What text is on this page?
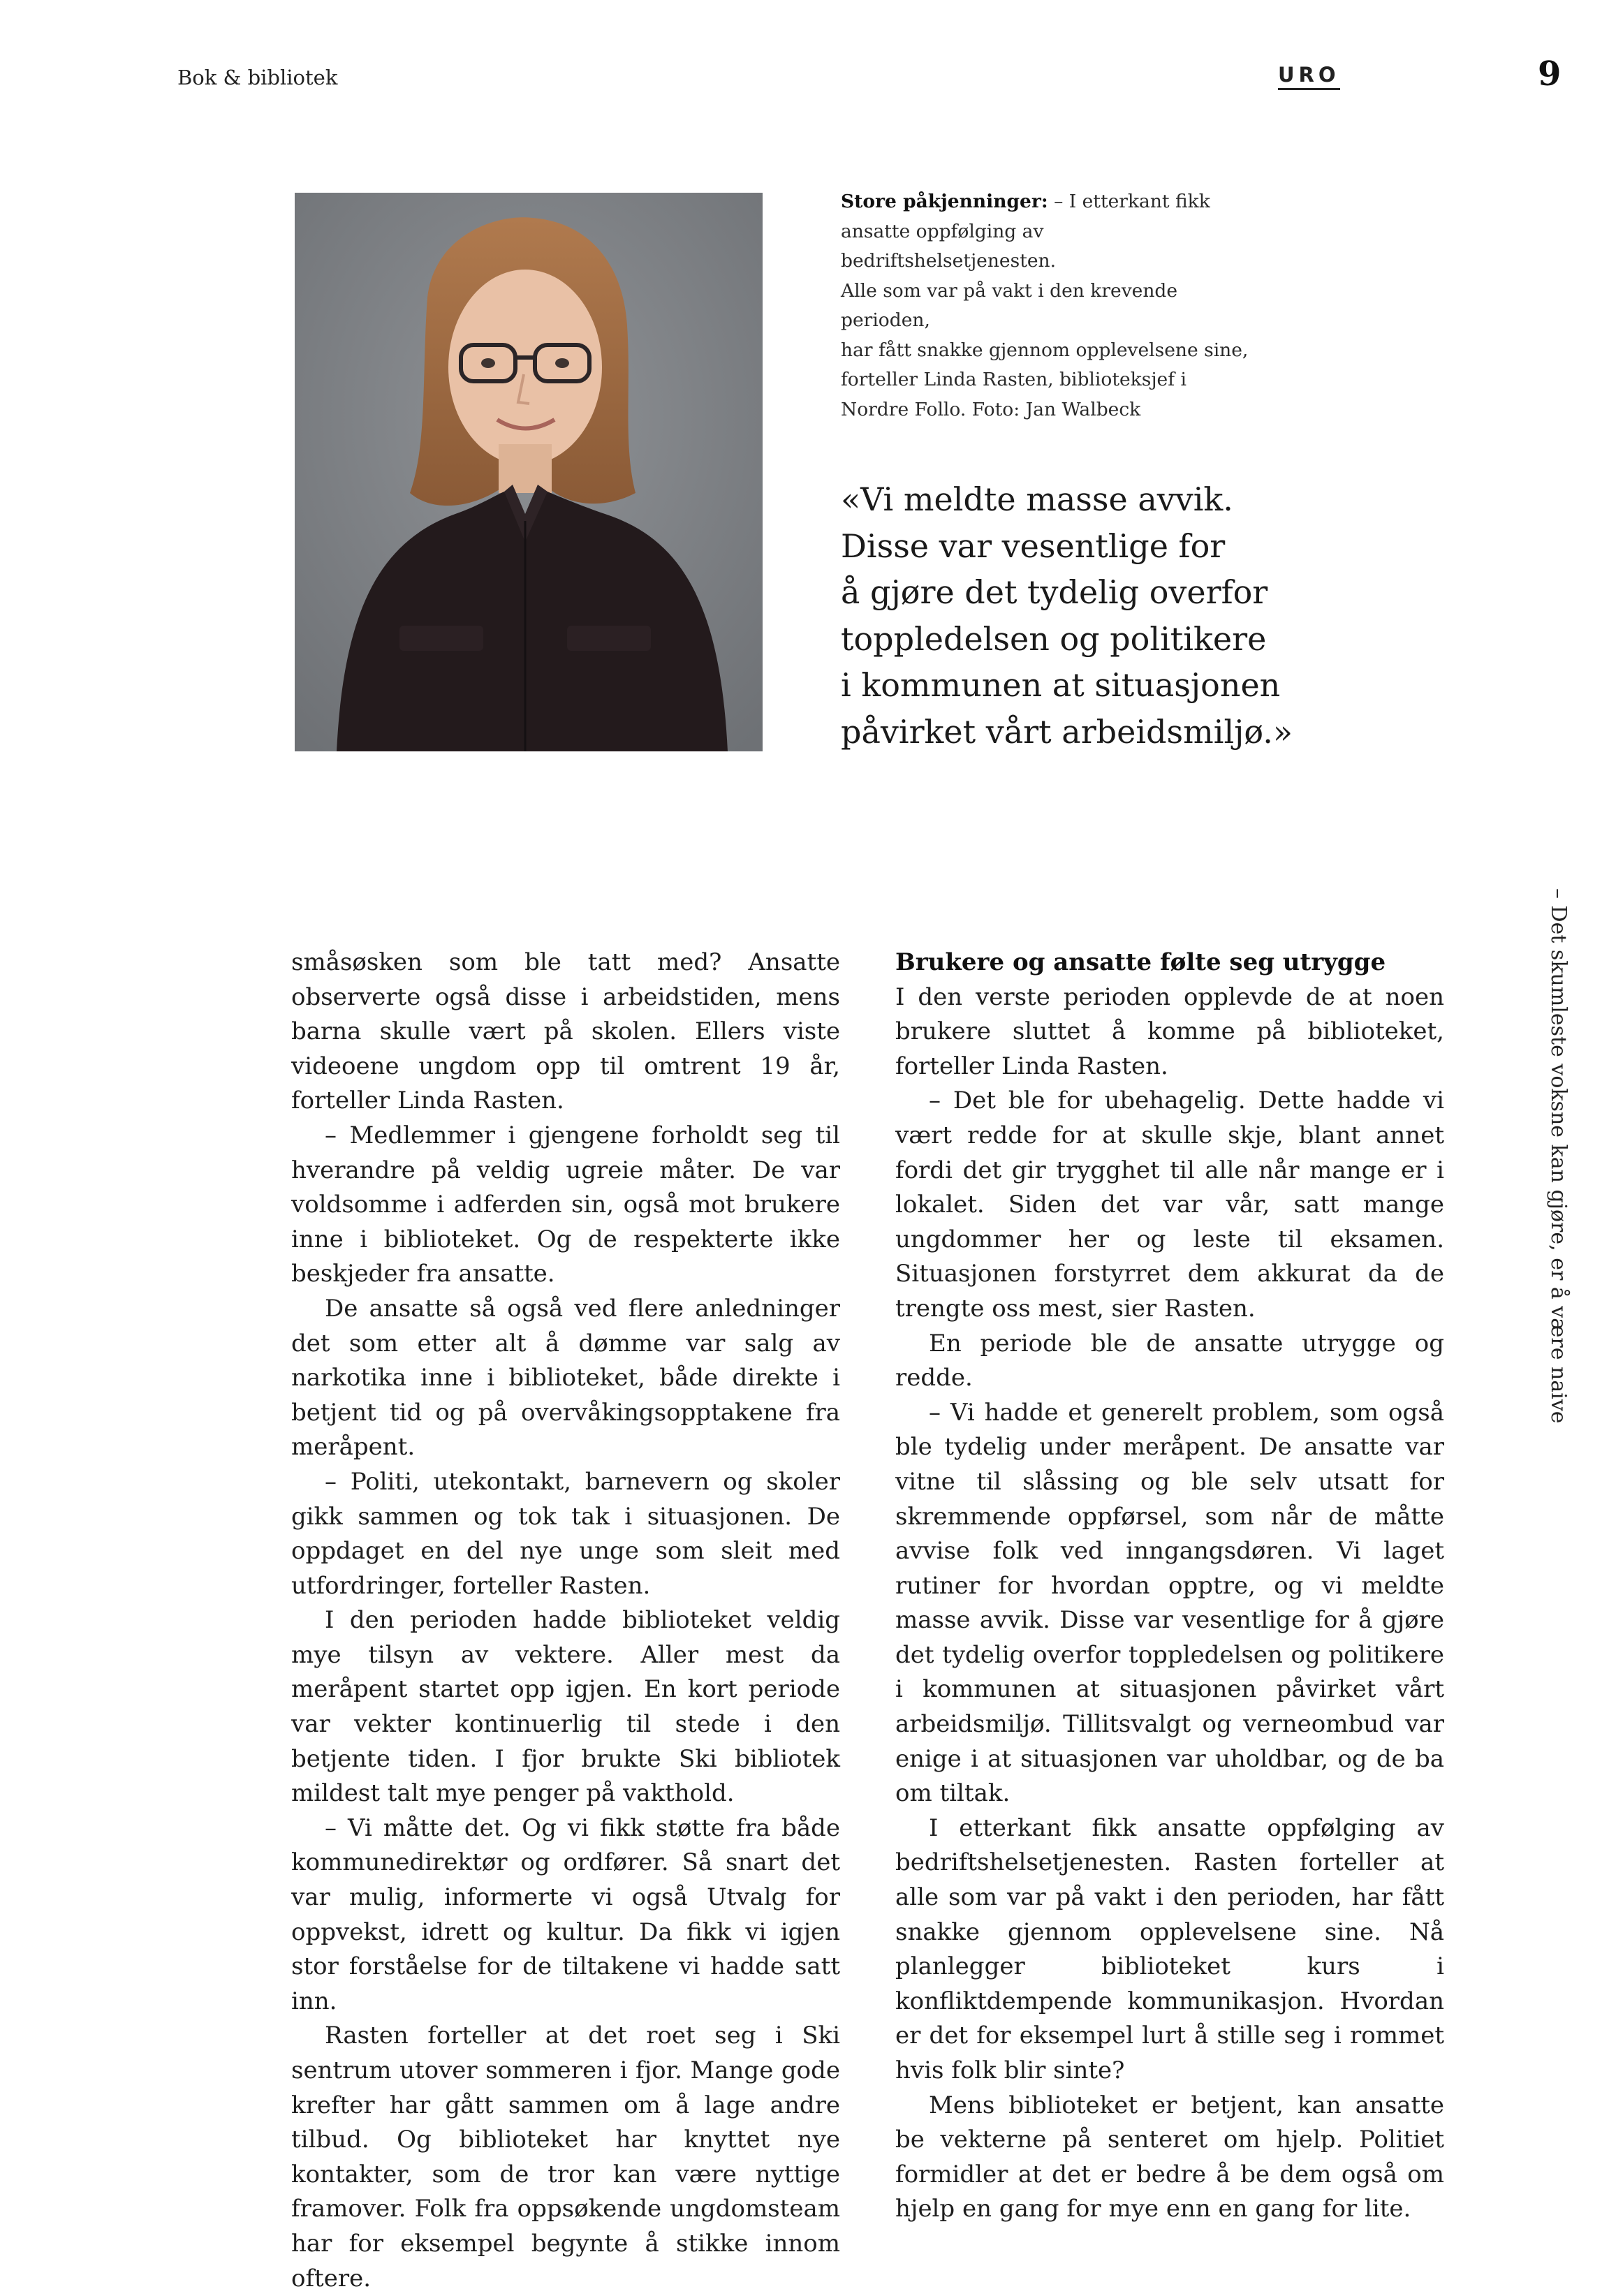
Bok & bibliotek	URO	9
Store påkjenninger: – I etterkant fikk
ansatte oppfølging av bedriftshelsetjenesten.
Alle som var på vakt i den krevende perioden,
har fått snakke gjennom opplevelsene sine,
forteller Linda Rasten, biblioteksjef i
Nordre Follo. Foto: Jan Walbeck
«Vi meldte masse avvik.
Disse var vesentlige for
å gjøre det tydelig overfor
toppledelsen og politikere
i kommunen at situasjonen
påvirket vårt arbeidsmiljø.»

småsøsken som ble tatt med? Ansatte observerte også disse i arbeidstiden, mens barna skulle vært på skolen. Ellers viste videoene ungdom opp til omtrent 19 år, forteller Linda Rasten.

– Medlemmer i gjengene forholdt seg til hverandre på veldig ugreie måter. De var voldsomme i adferden sin, også mot brukere inne i biblioteket. Og de respekterte ikke beskjeder fra ansatte.

De ansatte så også ved flere anledninger det som etter alt å dømme var salg av narkotika inne i biblioteket, både direkte i betjent tid og på overvåkingsopptakene fra meråpent.

– Politi, utekontakt, barnevern og skoler gikk sammen og tok tak i situasjonen. De oppdaget en del nye unge som sleit med utfordringer, forteller Rasten.

I den perioden hadde biblioteket veldig mye tilsyn av vektere. Aller mest da meråpent startet opp igjen. En kort periode var vekter kontinuerlig til stede i den betjente tiden. I fjor brukte Ski bibliotek mildest talt mye penger på vakthold.

– Vi måtte det. Og vi fikk støtte fra både kommunedirektør og ordfører. Så snart det var mulig, informerte vi også Utvalg for oppvekst, idrett og kultur. Da fikk vi igjen stor forståelse for de tiltakene vi hadde satt inn.

Rasten forteller at det roet seg i Ski sentrum utover sommeren i fjor. Mange gode krefter har gått sammen om å lage andre tilbud. Og biblioteket har knyttet nye kontakter, som de tror kan være nyttige framover. Folk fra oppsøkende ungdomsteam har for eksempel begynte å stikke innom oftere.

Brukere og ansatte følte seg utrygge

I den verste perioden opplevde de at noen brukere sluttet å komme på biblioteket, forteller Linda Rasten.

– Det ble for ubehagelig. Dette hadde vi vært redde for at skulle skje, blant annet fordi det gir trygghet til alle når mange er i lokalet. Siden det var vår, satt mange ungdommer her og leste til eksamen. Situasjonen forstyrret dem akkurat da de trengte oss mest, sier Rasten.

En periode ble de ansatte utrygge og redde.

– Vi hadde et generelt problem, som også ble tydelig under meråpent. De ansatte var vitne til slåssing og ble selv utsatt for skremmende oppførsel, som når de måtte avvise folk ved inngangsdøren. Vi laget rutiner for hvordan opptre, og vi meldte masse avvik. Disse var vesentlige for å gjøre det tydelig overfor toppledelsen og politikere i kommunen at situasjonen påvirket vårt arbeidsmiljø. Tillitsvalgt og verneombud var enige i at situasjonen var uholdbar, og de ba om tiltak.

I etterkant fikk ansatte oppfølging av bedriftshelsetjenesten. Rasten forteller at alle som var på vakt i den perioden, har fått snakke gjennom opplevelsene sine. Nå planlegger biblioteket kurs i konfliktdempende kommunikasjon. Hvordan er det for eksempel lurt å stille seg i rommet hvis folk blir sinte?

Mens biblioteket er betjent, kan ansatte be vekterne på senteret om hjelp. Politiet formidler at det er bedre å be dem også om hjelp en gang for mye enn en gang for lite.

– Det skumleste voksne kan gjøre, er å være naive
